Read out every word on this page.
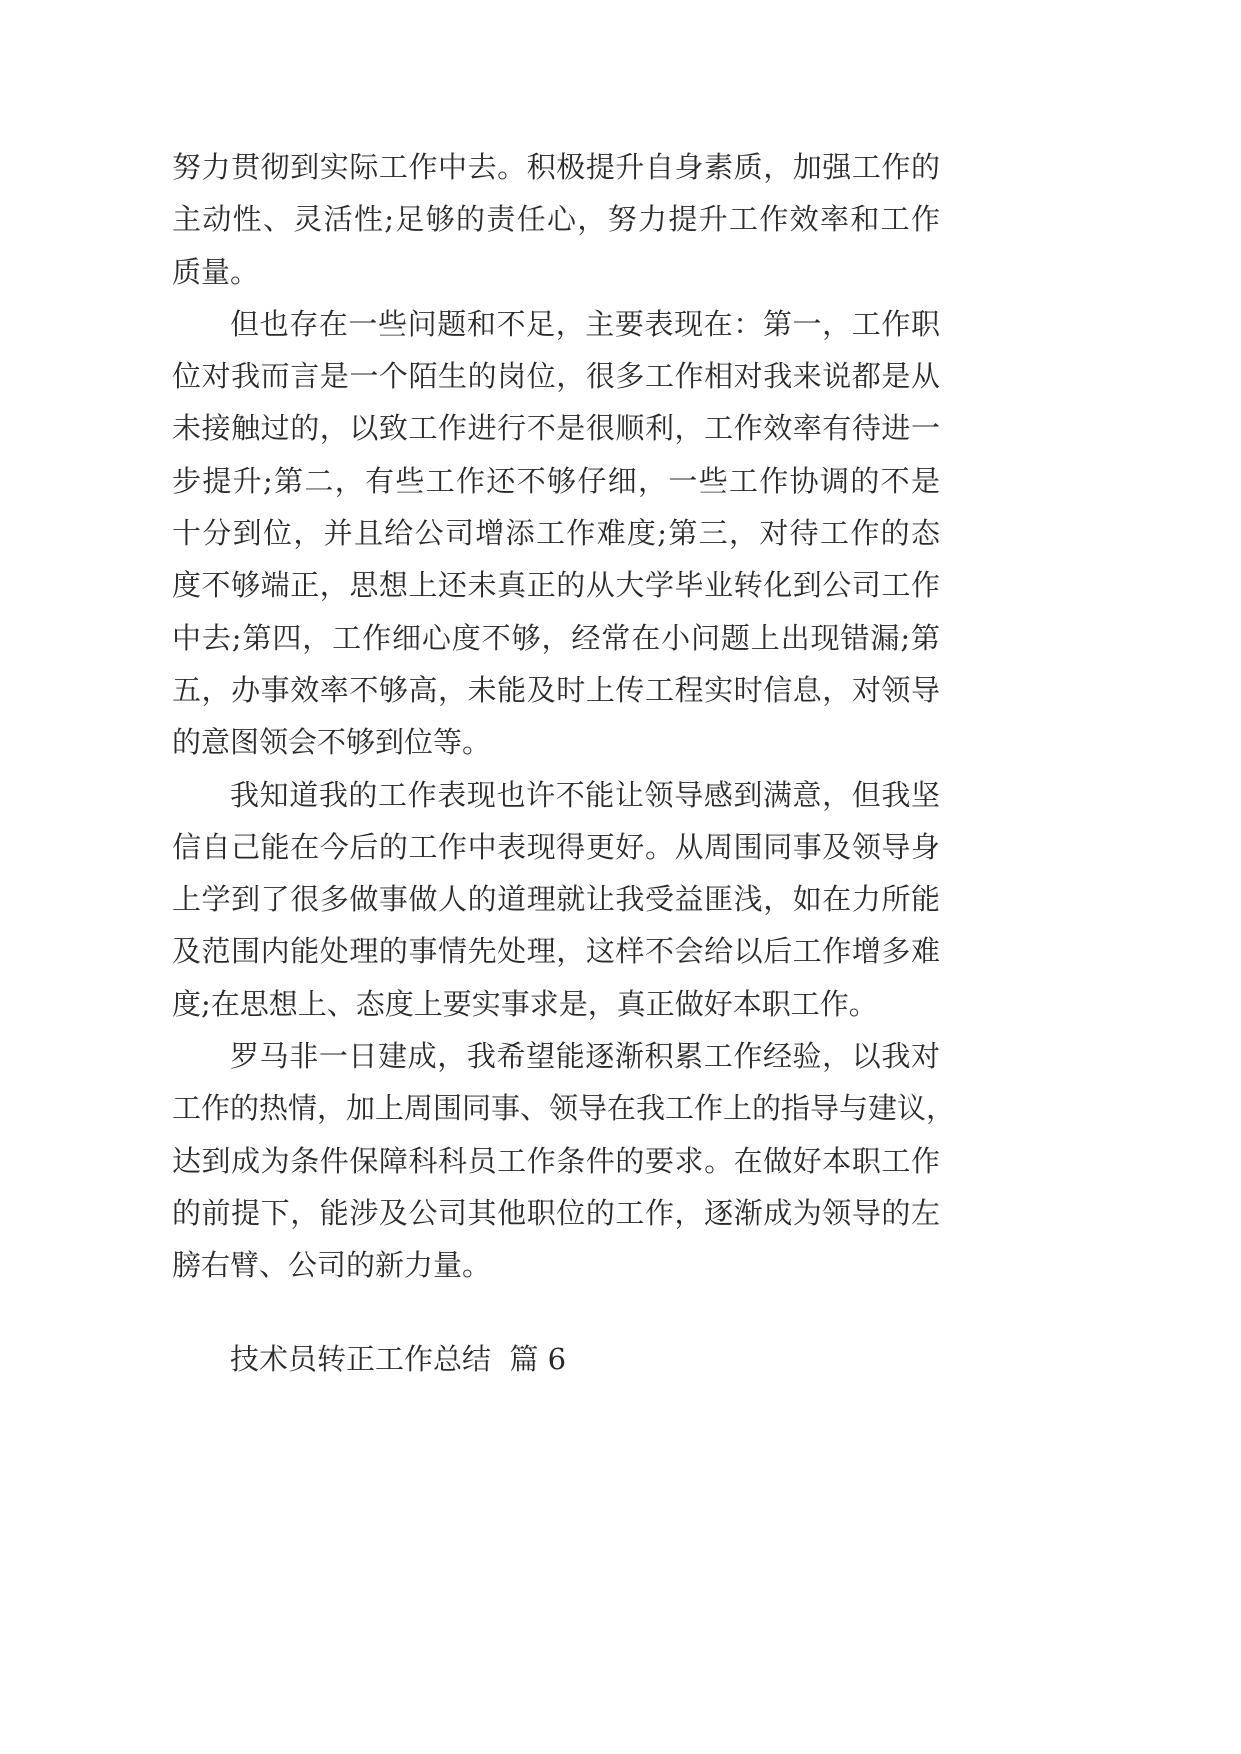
努力贯彻到实际工作中去。积极提升自身素质，加强工作的
主动性、灵活性;足够的责任心，努力提升工作效率和工作
质量。
但也存在一些问题和不足，主要表现在：第一，工作职
位对我而言是一个陌生的岗位，很多工作相对我来说都是从
未接触过的，以致工作进行不是很顺利，工作效率有待进一
步提升;第二，有些工作还不够仔细，一些工作协调的不是
十分到位，并且给公司增添工作难度;第三，对待工作的态
度不够端正，思想上还未真正的从大学毕业转化到公司工作
中去;第四，工作细心度不够，经常在小问题上出现错漏;第
五，办事效率不够高，未能及时上传工程实时信息，对领导
的意图领会不够到位等。
我知道我的工作表现也许不能让领导感到满意，但我坚
信自己能在今后的工作中表现得更好。从周围同事及领导身
上学到了很多做事做人的道理就让我受益匪浅，如在力所能
及范围内能处理的事情先处理，这样不会给以后工作增多难
度;在思想上、态度上要实事求是，真正做好本职工作。
罗马非一日建成，我希望能逐渐积累工作经验，以我对
工作的热情，加上周围同事、领导在我工作上的指导与建议，
达到成为条件保障科科员工作条件的要求。在做好本职工作
的前提下，能涉及公司其他职位的工作，逐渐成为领导的左
膀右臂、公司的新力量。
技术员转正工作总结  篇 6
